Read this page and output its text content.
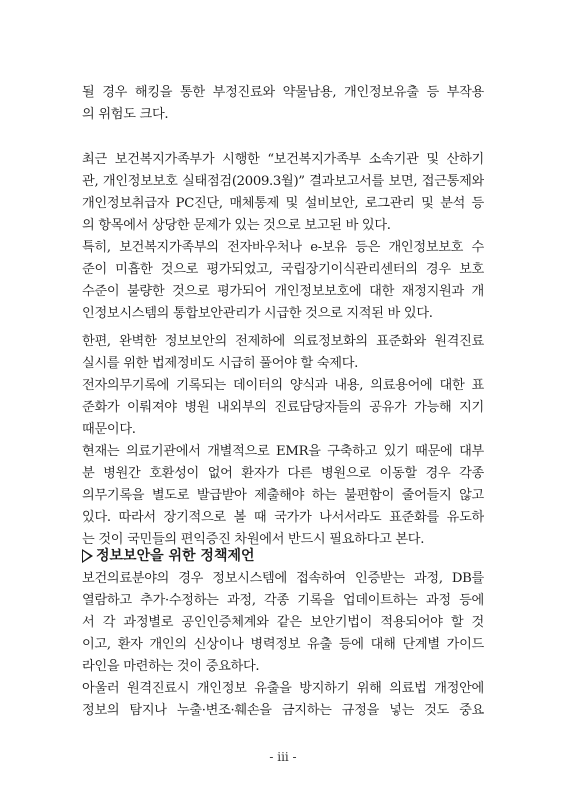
될 경우 해킹을 통한 부정진료와 약물남용, 개인정보유출 등 부작용
의 위험도 크다.
최근 보건복지가족부가 시행한 “보건복지가족부 소속기관 및 산하기
관, 개인정보보호 실태점검(2009.3월)” 결과보고서를 보면, 접근통제와
개인정보취급자 PC진단, 매체통제 및 설비보안, 로그관리 및 분석 등
의 항목에서 상당한 문제가 있는 것으로 보고된 바 있다.
특히, 보건복지가족부의 전자바우처나 e-보유 등은 개인정보보호 수
준이 미흡한 것으로 평가되었고, 국립장기이식관리센터의 경우 보호
수준이 불량한 것으로 평가되어 개인정보보호에 대한 재정지원과 개
인정보시스템의 통합보안관리가 시급한 것으로 지적된 바 있다.
한편, 완벽한 정보보안의 전제하에 의료정보화의 표준화와 원격진료
실시를 위한 법제정비도 시급히 풀어야 할 숙제다.
전자의무기록에 기록되는 데이터의 양식과 내용, 의료용어에 대한 표
준화가 이뤄져야 병원 내외부의 진료담당자들의 공유가 가능해 지기
때문이다.
현재는 의료기관에서 개별적으로 EMR을 구축하고 있기 때문에 대부
분 병원간 호환성이 없어 환자가 다른 병원으로 이동할 경우 각종
의무기록을 별도로 발급받아 제출해야 하는 불편함이 줄어들지 않고
있다. 따라서 장기적으로 볼 때 국가가 나서서라도 표준화를 유도하
는 것이 국민들의 편익증진 차원에서 반드시 필요하다고 본다.
정보보안을 위한 정책제언
보건의료분야의 경우 정보시스템에 접속하여 인증받는 과정, DB를
열람하고 추가·수정하는 과정, 각종 기록을 업데이트하는 과정 등에
서 각 과정별로 공인인증체계와 같은 보안기법이 적용되어야 할 것
이고, 환자 개인의 신상이나 병력정보 유출 등에 대해 단계별 가이드
라인을 마련하는 것이 중요하다.
아울러 원격진료시 개인정보 유출을 방지하기 위해 의료법 개정안에
정보의 탐지나 누출·변조·훼손을 금지하는 규정을 넣는 것도 중요
- iii -
